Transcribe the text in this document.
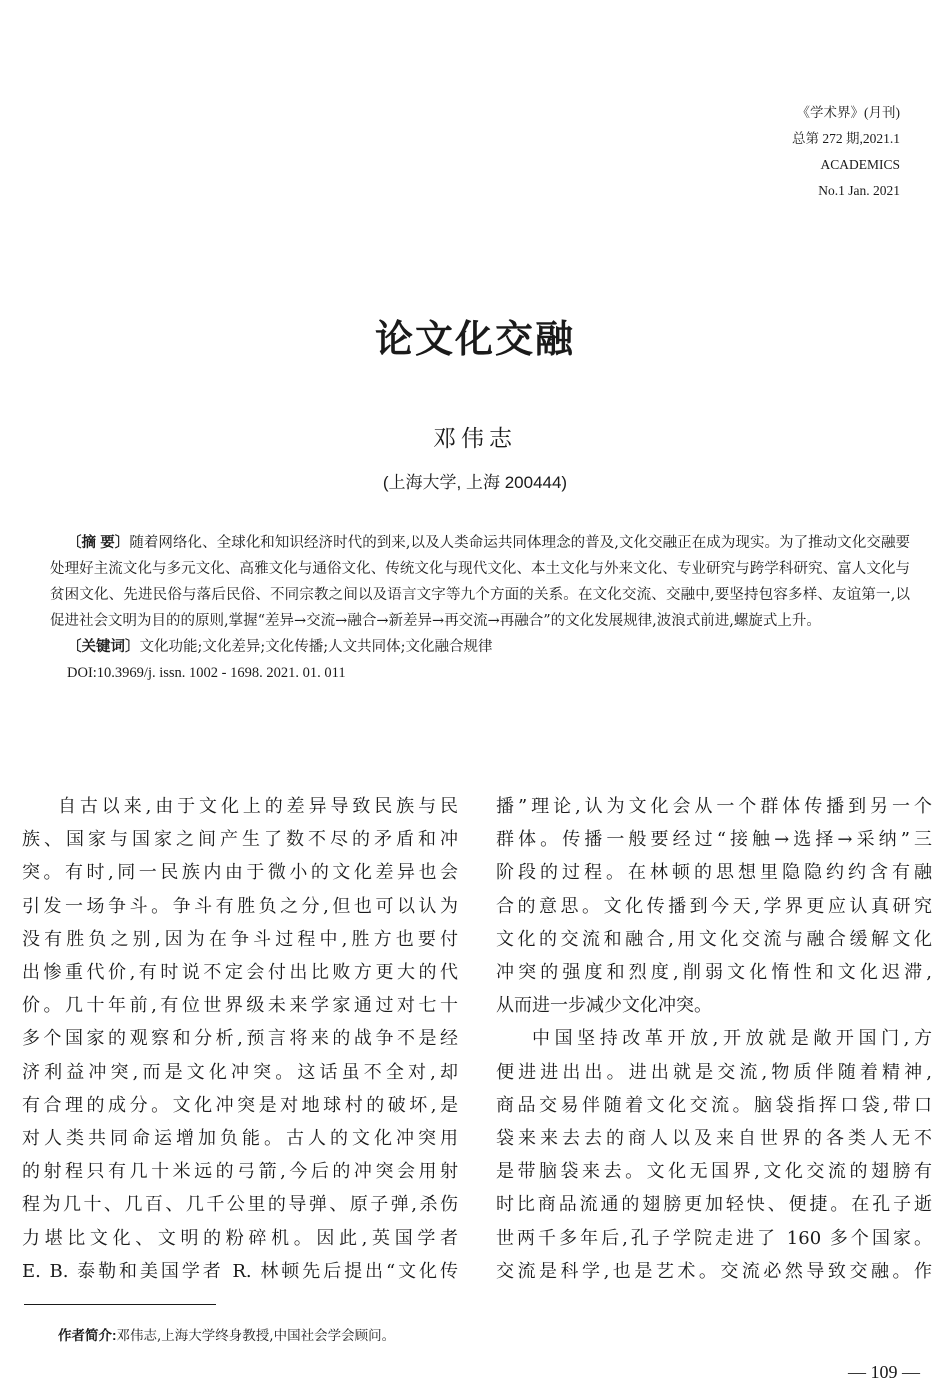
《学术界》(月刊)
总第 272 期,2021.1
ACADEMICS
No.1 Jan. 2021
论文化交融
邓伟志
(上海大学, 上海 200444)

〔摘 要〕随着网络化、全球化和知识经济时代的到来,以及人类命运共同体理念的普及,文化交融正在成为现实。为了推动文化交融要处理好主流文化与多元文化、高雅文化与通俗文化、传统文化与现代文化、本土文化与外来文化、专业研究与跨学科研究、富人文化与贫困文化、先进民俗与落后民俗、不同宗教之间以及语言文字等九个方面的关系。在文化交流、交融中,要坚持包容多样、友谊第一,以促进社会文明为目的的原则,掌握“差异→交流→融合→新差异→再交流→再融合”的文化发展规律,波浪式前进,螺旋式上升。

〔关键词〕文化功能;文化差异;文化传播;人文共同体;文化融合规律

DOI:10.3969/j. issn. 1002 - 1698. 2021. 01. 011

自古以来,由于文化上的差异导致民族与民

族、国家与国家之间产生了数不尽的矛盾和冲

突。有时,同一民族内由于微小的文化差异也会

引发一场争斗。争斗有胜负之分,但也可以认为

没有胜负之别,因为在争斗过程中,胜方也要付

出惨重代价,有时说不定会付出比败方更大的代

价。几十年前,有位世界级未来学家通过对七十

多个国家的观察和分析,预言将来的战争不是经

济利益冲突,而是文化冲突。这话虽不全对,却

有合理的成分。文化冲突是对地球村的破坏,是

对人类共同命运增加负能。古人的文化冲突用

的射程只有几十米远的弓箭,今后的冲突会用射

程为几十、几百、几千公里的导弹、原子弹,杀伤

力堪比文化、文明的粉碎机。因此,英国学者

E. B. 泰勒和美国学者 R. 林顿先后提出“文化传

播”理论,认为文化会从一个群体传播到另一个

群体。传播一般要经过“接触→选择→采纳”三

阶段的过程。在林顿的思想里隐隐约约含有融

合的意思。文化传播到今天,学界更应认真研究

文化的交流和融合,用文化交流与融合缓解文化

冲突的强度和烈度,削弱文化惰性和文化迟滞,

从而进一步减少文化冲突。

中国坚持改革开放,开放就是敞开国门,方

便进进出出。进出就是交流,物质伴随着精神,

商品交易伴随着文化交流。脑袋指挥口袋,带口

袋来来去去的商人以及来自世界的各类人无不

是带脑袋来去。文化无国界,文化交流的翅膀有

时比商品流通的翅膀更加轻快、便捷。在孔子逝

世两千多年后,孔子学院走进了 160 多个国家。

交流是科学,也是艺术。交流必然导致交融。作

作者简介:邓伟志,上海大学终身教授,中国社会学会顾问。
— 109 —
